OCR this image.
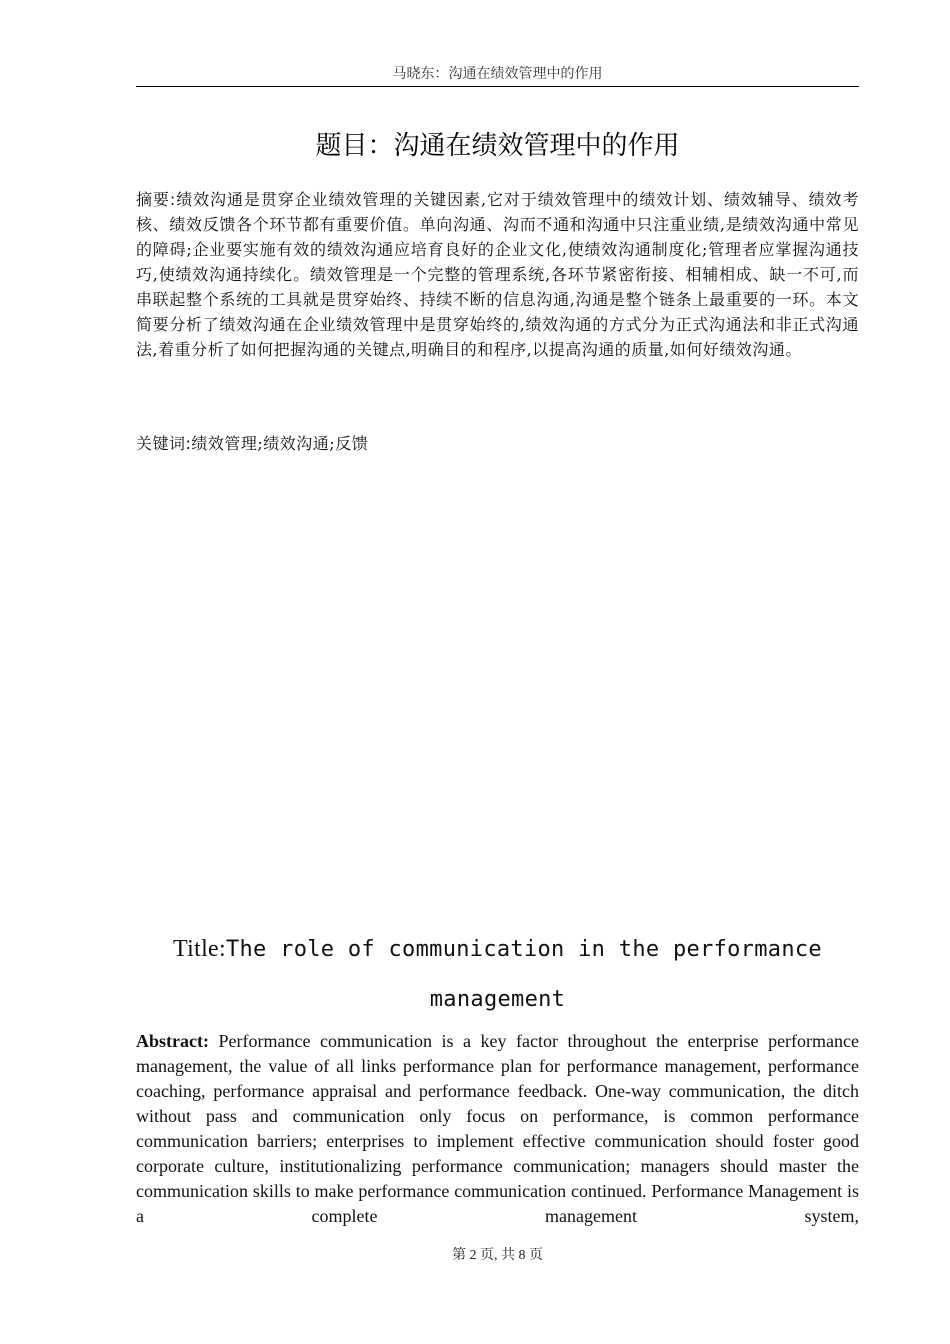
马晓东：沟通在绩效管理中的作用
题目：沟通在绩效管理中的作用
摘要:绩效沟通是贯穿企业绩效管理的关键因素,它对于绩效管理中的绩效计划、绩效辅导、绩效考核、绩效反馈各个环节都有重要价值。单向沟通、沟而不通和沟通中只注重业绩,是绩效沟通中常见的障碍;企业要实施有效的绩效沟通应培育良好的企业文化,使绩效沟通制度化;管理者应掌握沟通技巧,使绩效沟通持续化。绩效管理是一个完整的管理系统,各环节紧密衔接、相辅相成、缺一不可,而串联起整个系统的工具就是贯穿始终、持续不断的信息沟通,沟通是整个链条上最重要的一环。本文简要分析了绩效沟通在企业绩效管理中是贯穿始终的,绩效沟通的方式分为正式沟通法和非正式沟通法,着重分析了如何把握沟通的关键点,明确目的和程序,以提高沟通的质量,如何好绩效沟通。
关键词:绩效管理;绩效沟通;反馈
Title:The role of communication in the performance
management
Abstract: Performance communication is a key factor throughout the enterprise performance management, the value of all links performance plan for performance management, performance coaching, performance appraisal and performance feedback. One-way communication, the ditch without pass and communication only focus on performance, is common performance communication barriers; enterprises to implement effective communication should foster good corporate culture, institutionalizing performance communication; managers should master the communication skills to make performance communication continued. Performance Management is a complete management system,
第 2 页, 共 8 页
